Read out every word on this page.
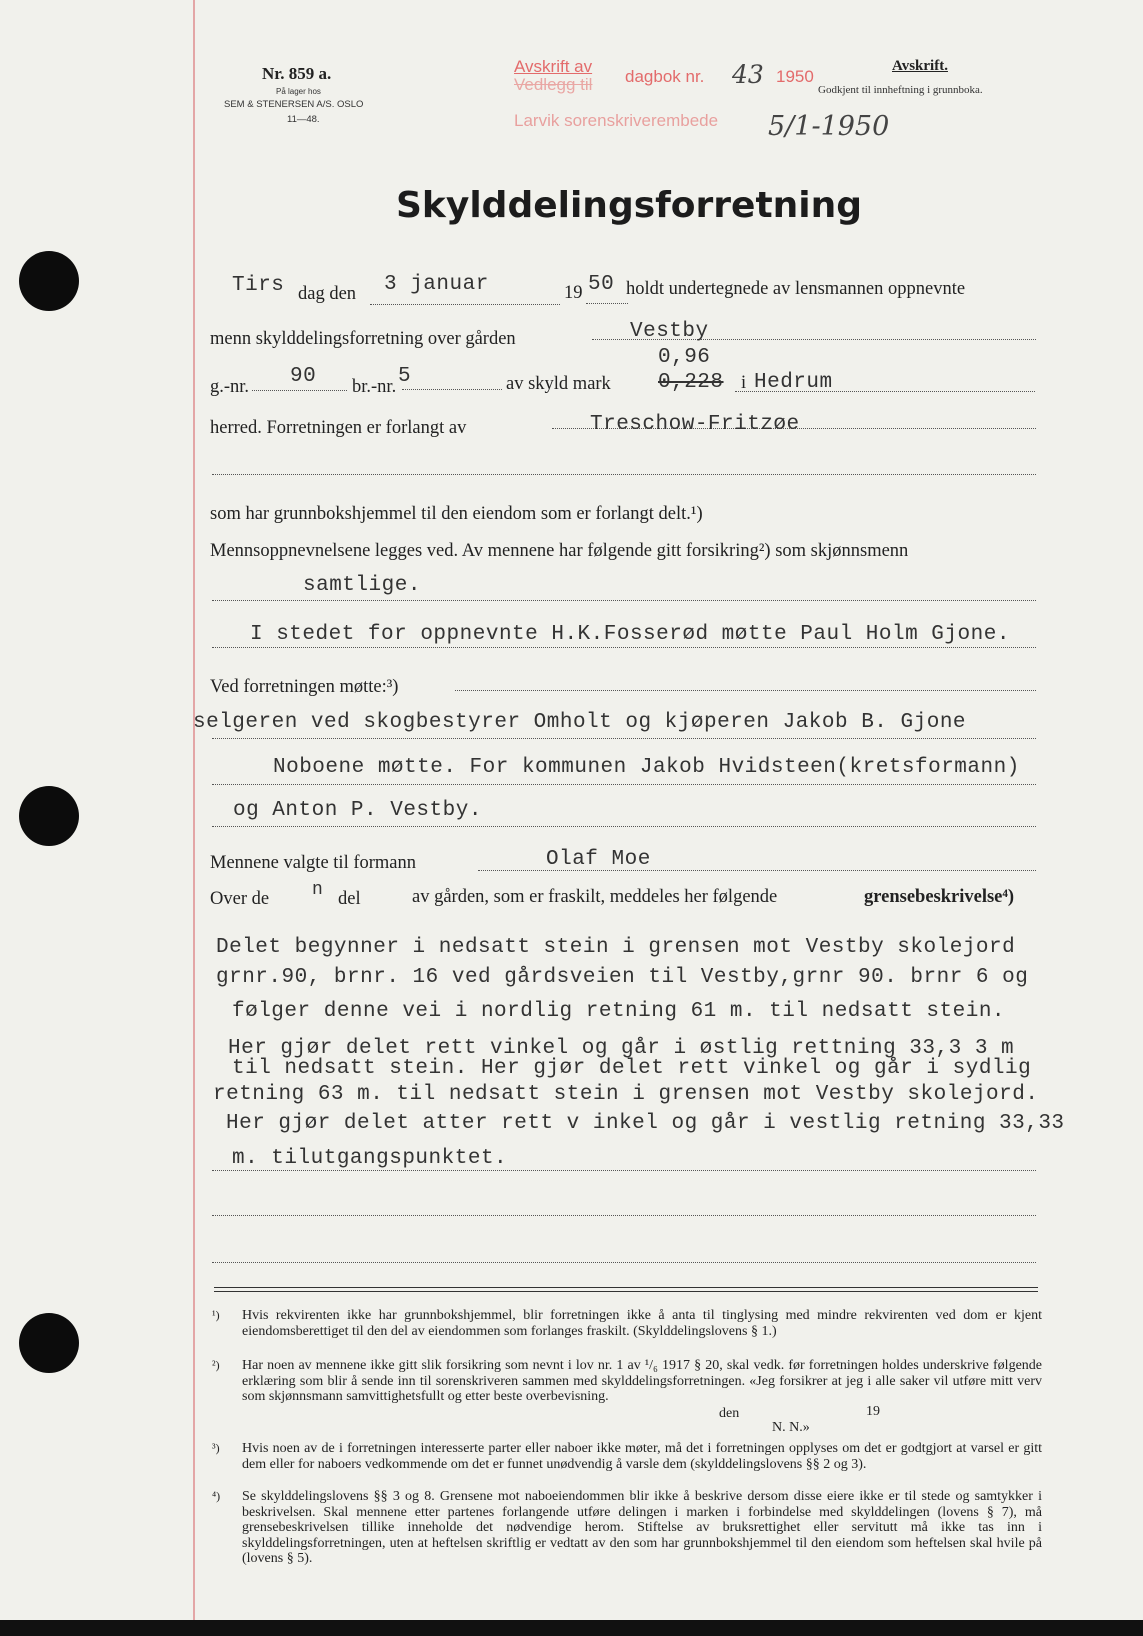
Nr. 859 a.
På lager hos
SEM & STENERSEN A/S. OSLO
11—48.
Avskrift av
Vedlegg til dagbok nr. 43 1950
Larvik sorenskriverembede 5/1-1950
Avskrift.
Godkjent til innheftning i grunnboka.
Skylddelingsforretning
Tirs dag den 3 januar	19 50 holdt undertegnede av lensmannen oppnevnte
menn skylddelingsforretning over gården	Vestby
0,96
g.-nr. 90 br.-nr. 5	av skyld mark 0,228 i Hedrum
herred. Forretningen er forlangt av	Treschow-Fritzøe
som har grunnbokshjemmel til den eiendom som er forlangt delt.¹)
Mennsoppnevnelsene legges ved. Av mennene har følgende gitt forsikring²) som skjønnsmenn
samtlige.
I stedet for oppnevnte H.K.Fosserød møtte Paul Holm Gjone.
Ved forretningen møtte:³)
selgeren ved skogbestyrer Omholt og kjøperen Jakob B. Gjone
Noboene møtte. For kommunen Jakob Hvidsteen(kretsformann)
og Anton P. Vestby.
Mennene valgte til formann	Olaf Moe
Over de n del	av gården, som er fraskilt, meddeles her følgende	grensebeskrivelse⁴)
Delet begynner i nedsatt stein i grensen mot Vestby skolejord
grnr.90, brnr. 16 ved gårdsveien til Vestby,grnr 90. brnr 6 og
følger denne vei i nordlig retning 61 m. til nedsatt stein.
Her gjør delet rett vinkel og går i østlig rettning 33,3 3 m
til nedsatt stein. Her gjør delet rett vinkel og går i sydlig
retning 63 m. til nedsatt stein i grensen mot Vestby skolejord.
Her gjør delet atter rett v inkel og går i vestlig retning 33,33
m. tilutgangspunktet.
¹) Hvis rekvirenten ikke har grunnbokshjemmel, blir forretningen ikke å anta til tinglysing med mindre rekvirenten ved dom er kjent eiendomsberettiget til den del av eiendommen som forlanges fraskilt. (Skylddelingslovens § 1.)
²) Har noen av mennene ikke gitt slik forsikring som nevnt i lov nr. 1 av ¹/₆ 1917 § 20, skal vedk. før forretningen holdes underskrive følgende erklæring som blir å sende inn til sorenskriveren sammen med skylddelingsforretningen. «Jeg forsikrer at jeg i alle saker vil utføre mitt verv som skjønnsmann samvittighetsfullt og etter beste overbevisning.
den	19
N. N.»
³) Hvis noen av de i forretningen interesserte parter eller naboer ikke møter, må det i forretningen opplyses om det er godtgjort at varsel er gitt dem eller for naboers vedkommende om det er funnet unødvendig å varsle dem (skylddelingslovens §§ 2 og 3).
⁴) Se skylddelingslovens §§ 3 og 8. Grensene mot naboeiendommen blir ikke å beskrive dersom disse eiere ikke er til stede og samtykker i beskrivelsen. Skal mennene etter partenes forlangende utføre delingen i marken i forbindelse med skylddelingen (lovens § 7), må grensebeskrivelsen tillike inneholde det nødvendige herom. Stiftelse av bruksrettighet eller servitutt må ikke tas inn i skylddelingsforretningen, uten at heftelsen skriftlig er vedtatt av den som har grunnbokshjemmel til den eiendom som heftelsen skal hvile på (lovens § 5).
